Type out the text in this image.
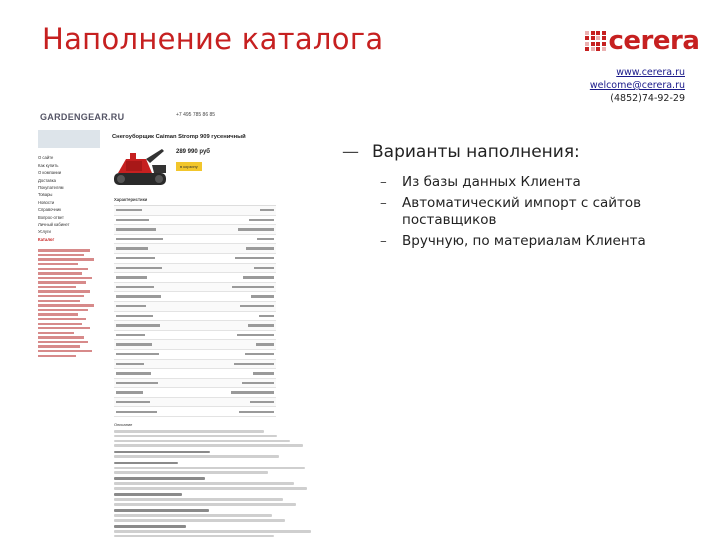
Наполнение каталога	cerera
www.cerera.ru
welcome@cerera.ru
(4852)74-92-29
— Варианты наполнения:
– Из базы данных Клиента
– Автоматический импорт с сайтов поставщиков
– Вручную, по материалам Клиента
GARDENGEAR.RU	+7 495 785 86 85

О сайте
Как купить
О компании
Доставка
Покупателям
Товары
Новости
Справочник
Вопрос-ответ
Личный кабинет
Услуги
Каталог

Снегоуборщик Caiman Stromp 909 гусеничный
289 990 руб
в корзину

Характеристики
Описание
